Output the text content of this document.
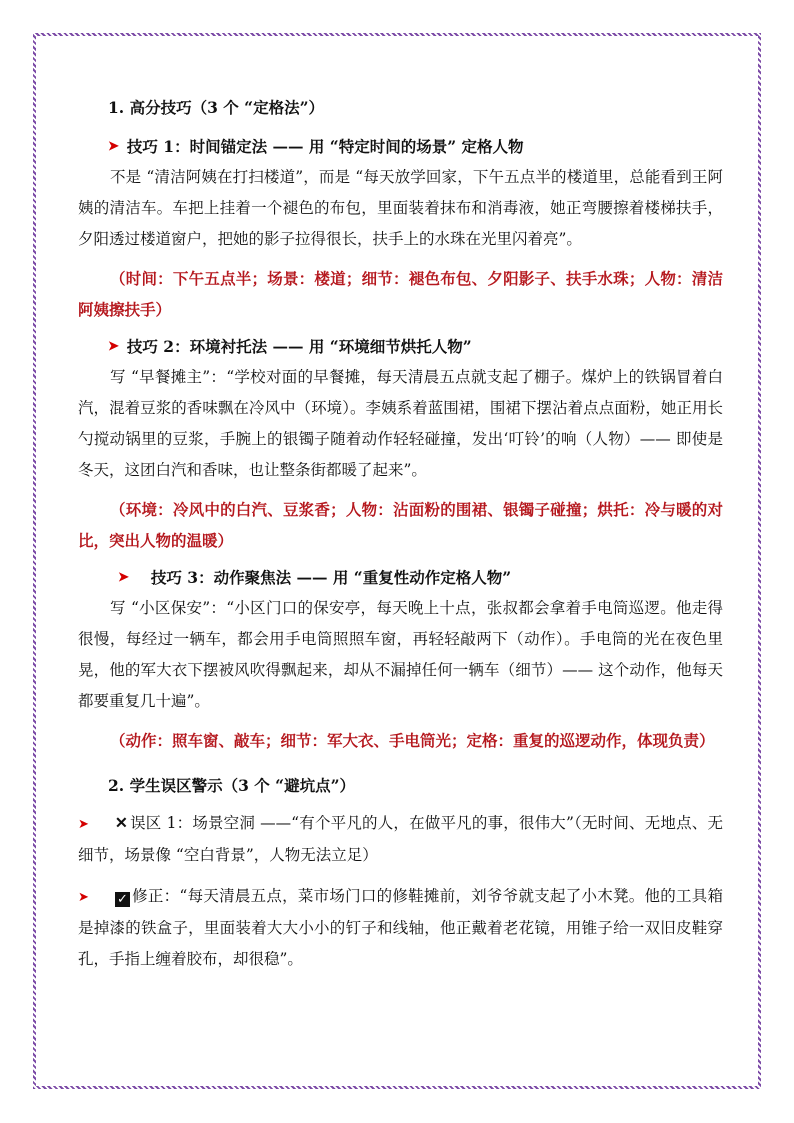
1. 高分技巧（3 个 “定格法”）

➤ 技巧 1：时间锚定法 —— 用 “特定时间的场景” 定格人物

不是 “清洁阿姨在打扫楼道”，而是 “每天放学回家，下午五点半的楼道里，总能看到王阿姨的清洁车。车把上挂着一个褪色的布包，里面装着抹布和消毒液，她正弯腰擦着楼梯扶手，夕阳透过楼道窗户，把她的影子拉得很长，扶手上的水珠在光里闪着亮”。

（时间：下午五点半；场景：楼道；细节：褪色布包、夕阳影子、扶手水珠；人物：清洁阿姨擦扶手）

➤ 技巧 2：环境衬托法 —— 用 “环境细节烘托人物”

写 “早餐摊主”：“学校对面的早餐摊，每天清晨五点就支起了棚子。煤炉上的铁锅冒着白汽，混着豆浆的香味飘在冷风中（环境）。李姨系着蓝围裙，围裙下摆沾着点点面粉，她正用长勺搅动锅里的豆浆，手腕上的银镯子随着动作轻轻碰撞，发出‘叮铃’的响（人物）—— 即使是冬天，这团白汽和香味，也让整条街都暖了起来”。

（环境：冷风中的白汽、豆浆香；人物：沾面粉的围裙、银镯子碰撞；烘托：冷与暖的对比，突出人物的温暖）

➤ 技巧 3：动作聚焦法 —— 用 “重复性动作定格人物”

写 “小区保安”：“小区门口的保安亭，每天晚上十点，张叔都会拿着手电筒巡逻。他走得很慢，每经过一辆车，都会用手电筒照照车窗，再轻轻敲两下（动作）。手电筒的光在夜色里晃，他的军大衣下摆被风吹得飘起来，却从不漏掉任何一辆车（细节）—— 这个动作，他每天都要重复几十遍”。

（动作：照车窗、敲车；细节：军大衣、手电筒光；定格：重复的巡逻动作，体现负责）

2. 学生误区警示（3 个 “避坑点”）

➤ ✕ 误区 1：场景空洞 ——“有个平凡的人，在做平凡的事，很伟大”（无时间、无地点、无细节，场景像 “空白背景”，人物无法立足）

➤ ✓ 修正：“每天清晨五点，菜市场门口的修鞋摊前，刘爷爷就支起了小木凳。他的工具箱是掉漆的铁盒子，里面装着大大小小的钉子和线轴，他正戴着老花镜，用锥子给一双旧皮鞋穿孔，手指上缠着胶布，却很稳”。
